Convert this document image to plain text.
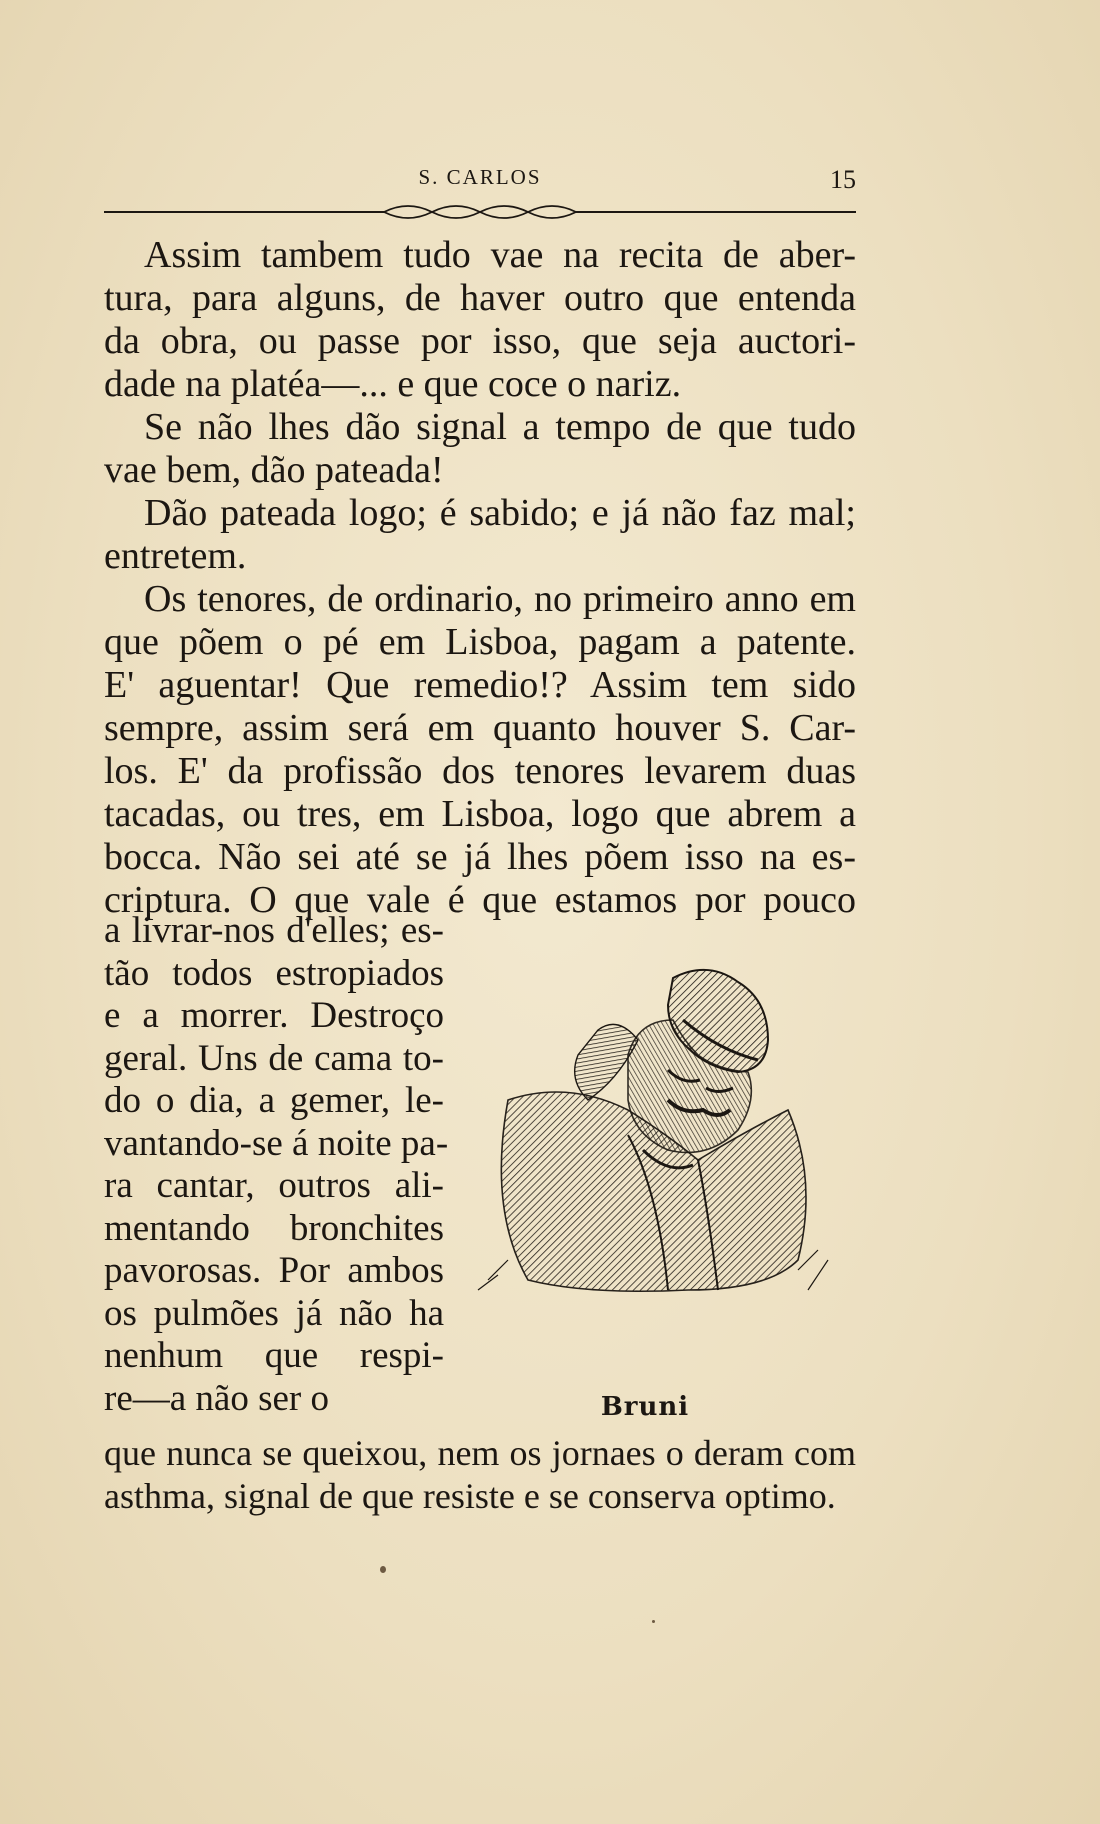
S. CARLOS	15
Assim tambem tudo vae na recita de aber-
tura, para alguns, de haver outro que entenda
da obra, ou passe por isso, que seja auctori-
dade na platéa—... e que coce o nariz.
Se não lhes dão signal a tempo de que tudo
vae bem, dão pateada!
Dão pateada logo; é sabido; e já não faz mal;
entretem.
Os tenores, de ordinario, no primeiro anno em
que põem o pé em Lisboa, pagam a patente.
E' aguentar! Que remedio!? Assim tem sido
sempre, assim será em quanto houver S. Car-
los. E' da profissão dos tenores levarem duas
tacadas, ou tres, em Lisboa, logo que abrem a
bocca. Não sei até se já lhes põem isso na es-
criptura. O que vale é que estamos por pouco
a livrar-nos d'elles; es-
tão todos estropiados
e a morrer. Destroço
geral. Uns de cama to-
do o dia, a gemer, le-
vantando-se á noite pa-
ra cantar, outros ali-
mentando bronchites
pavorosas. Por ambos
os pulmões já não ha
nenhum que respi-
re—a não ser o	Bruni
que nunca se queixou, nem os jornaes o deram com
asthma, signal de que resiste e se conserva optimo.
